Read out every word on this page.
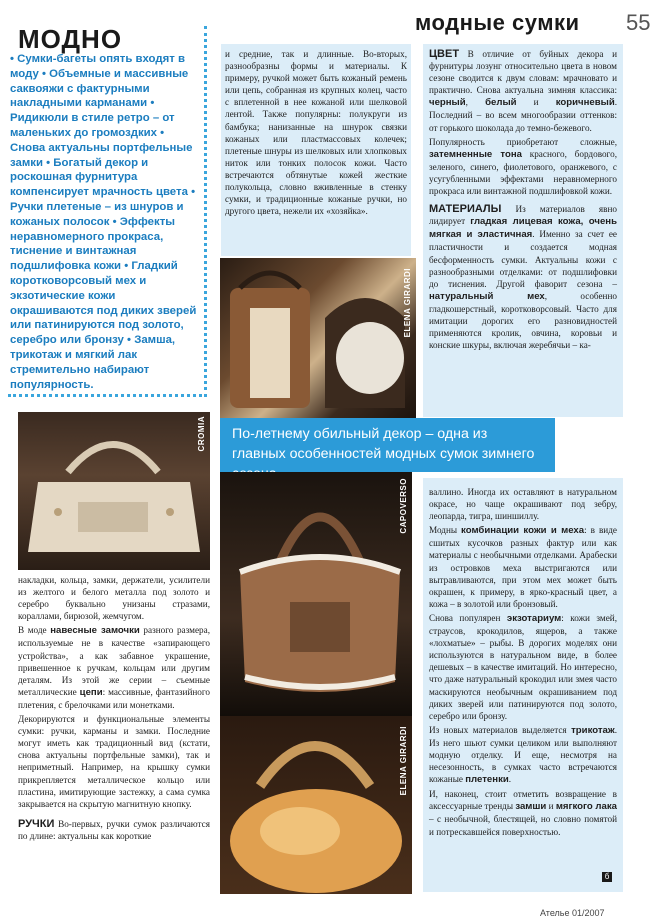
модные сумки	55
МОДНО
• Сумки-багеты опять входят в моду • Объемные и массивные саквояжи с фактурными накладными карманами • Ридикюли в стиле ретро – от маленьких до громоздких • Снова актуальны портфельные замки • Богатый декор и роскошная фурнитура компенсирует мрачность цвета • Ручки плетеные – из шнуров и кожаных полосок • Эффекты неравномерного прокраса, тиснение и винтажная подшлифовка кожи • Гладкий коротковорсовый мех и экзотические кожи окрашиваются под диких зверей или патинируются под золото, серебро или бронзу • Замша, трикотаж и мягкий лак стремительно набирают популярность.

и средние, так и длинные. Во-вторых, разнообразны формы и материалы. К примеру, ручкой может быть кожаный ремень или цепь, собранная из крупных колец, часто с вплетенной в нее кожаной или шелковой лентой. Также популярны: полукруги из бамбука; нанизанные на шнурок связки кожаных или пластмассовых колечек; плетеные шнуры из шелковых или хлопковых ниток или тонких полосок кожи. Часто встречаются обтянутые кожей жесткие полукольца, словно вживленные в стенку сумки, и традиционные кожаные ручки, но другого цвета, нежели их «хозяйка».

ЦВЕТ В отличие от буйных декора и фурнитуры лозунг относительно цвета в новом сезоне сводится к двум словам: мрачновато и практично. Снова актуальна зимняя классика: черный, белый и коричневый. Последний – во всем многообразии оттенков: от горького шоколада до темно-бежевого.

Популярность приобретают сложные, затемненные тона красного, бордового, зеленого, синего, фиолетового, оранжевого, с усугубленными эффектами неравномерного прокраса или винтажной подшлифовкой кожи.

МАТЕРИАЛЫ Из материалов явно лидирует гладкая лицевая кожа, очень мягкая и эластичная. Именно за счет ее пластичности и создается модная бесформенность сумки. Актуальны кожи с разнообразными отделками: от подшлифовки до тиснения. Другой фаворит сезона – натуральный мех, особенно гладкошерстный, коротковорсовый. Часто для имитации дорогих его разновидностей применяются кролик, овчина, коровьи и конские шкуры, включая жеребячьи – ка-

ELENA GIRARDI
CROMIA	По-летнему обильный декор – одна из главных особенностей модных сумок зимнего
CAPOVERSO
ELENA GIRARDI

накладки, кольца, замки, держатели, усилители из желтого и белого металла под золото и серебро буквально унизаны стразами, кораллами, бирюзой, жемчугом.

В моде навесные замочки разного размера, используемые не в качестве «запирающего устройства», а как забавное украшение, привешенное к ручкам, кольцам или другим деталям. Из этой же серии – съемные металлические цепи: массивные, фантазийного плетения, с брелочками или монетками.

Декорируются и функциональные элементы сумки: ручки, карманы и замки. Последние могут иметь как традиционный вид (кстати, снова актуальны портфельные замки), так и неприметный. Например, на крышку сумки прикрепляется металлическое кольцо или пластина, имитирующие застежку, а сама сумка закрывается на скрытую магнитную кнопку.

РУЧКИ Во-первых, ручки сумок различаются по длине: актуальны как короткие

валлино. Иногда их оставляют в натуральном окрасе, но чаще окрашивают под зебру, леопарда, тигра, шиншиллу.

Модны комбинации кожи и меха: в виде сшитых кусочков разных фактур или как материалы с необычными отделками. Арабески из островков меха выстригаются или вытравливаются, при этом мех может быть окрашен, к примеру, в ярко-красный цвет, а кожа – в золотой или бронзовый.

Снова популярен экзотариум: кожи змей, страусов, крокодилов, ящеров, а также «лохматые» – рыбы. В дорогих моделях они используются в натуральном виде, в более дешевых – в качестве имитаций. Но интересно, что даже натуральный крокодил или змея часто маскируются необычным окрашиванием под диких зверей или патинируются под золото, серебро или бронзу.

Из новых материалов выделяется трикотаж. Из него шьют сумки целиком или выполняют модную отделку. И еще, несмотря на несезонность, в сумках часто встречаются кожаные плетенки.

И, наконец, стоит отметить возвращение в аксессуарные тренды замши и мягкого лака – с необычной, блестящей, но словно помятой и потрескавшейся поверхностью.

б
Ателье 01/2007
